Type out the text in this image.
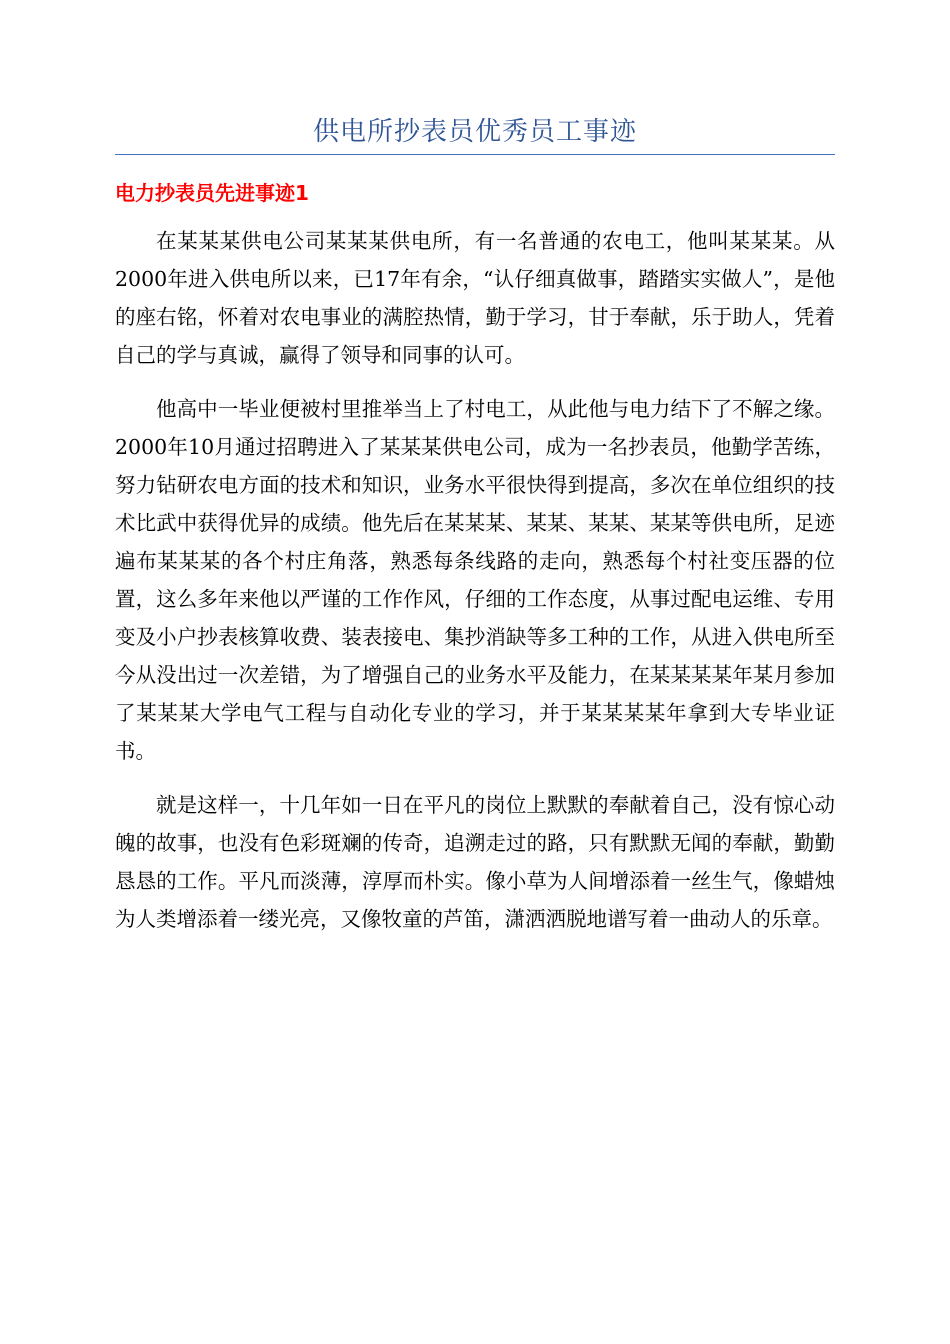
供电所抄表员优秀员工事迹
电力抄表员先进事迹1

在某某某供电公司某某某供电所，有一名普通的农电工，他叫某某某。从2000年进入供电所以来，已17年有余，“认仔细真做事，踏踏实实做人”，是他的座右铭，怀着对农电事业的满腔热情，勤于学习，甘于奉献，乐于助人，凭着自己的学与真诚，赢得了领导和同事的认可。

他高中一毕业便被村里推举当上了村电工，从此他与电力结下了不解之缘。2000年10月通过招聘进入了某某某供电公司，成为一名抄表员，他勤学苦练，努力钻研农电方面的技术和知识，业务水平很快得到提高，多次在单位组织的技术比武中获得优异的成绩。他先后在某某某、某某、某某、某某等供电所，足迹遍布某某某的各个村庄角落，熟悉每条线路的走向，熟悉每个村社变压器的位置，这么多年来他以严谨的工作作风，仔细的工作态度，从事过配电运维、专用变及小户抄表核算收费、装表接电、集抄消缺等多工种的工作，从进入供电所至今从没出过一次差错，为了增强自己的业务水平及能力，在某某某某年某月参加了某某某大学电气工程与自动化专业的学习，并于某某某某年拿到大专毕业证书。

就是这样一，十几年如一日在平凡的岗位上默默的奉献着自己，没有惊心动魄的故事，也没有色彩斑斓的传奇，追溯走过的路，只有默默无闻的奉献，勤勤恳恳的工作。平凡而淡薄，淳厚而朴实。像小草为人间增添着一丝生气，像蜡烛为人类增添着一缕光亮，又像牧童的芦笛，潇洒洒脱地谱写着一曲动人的乐章。
